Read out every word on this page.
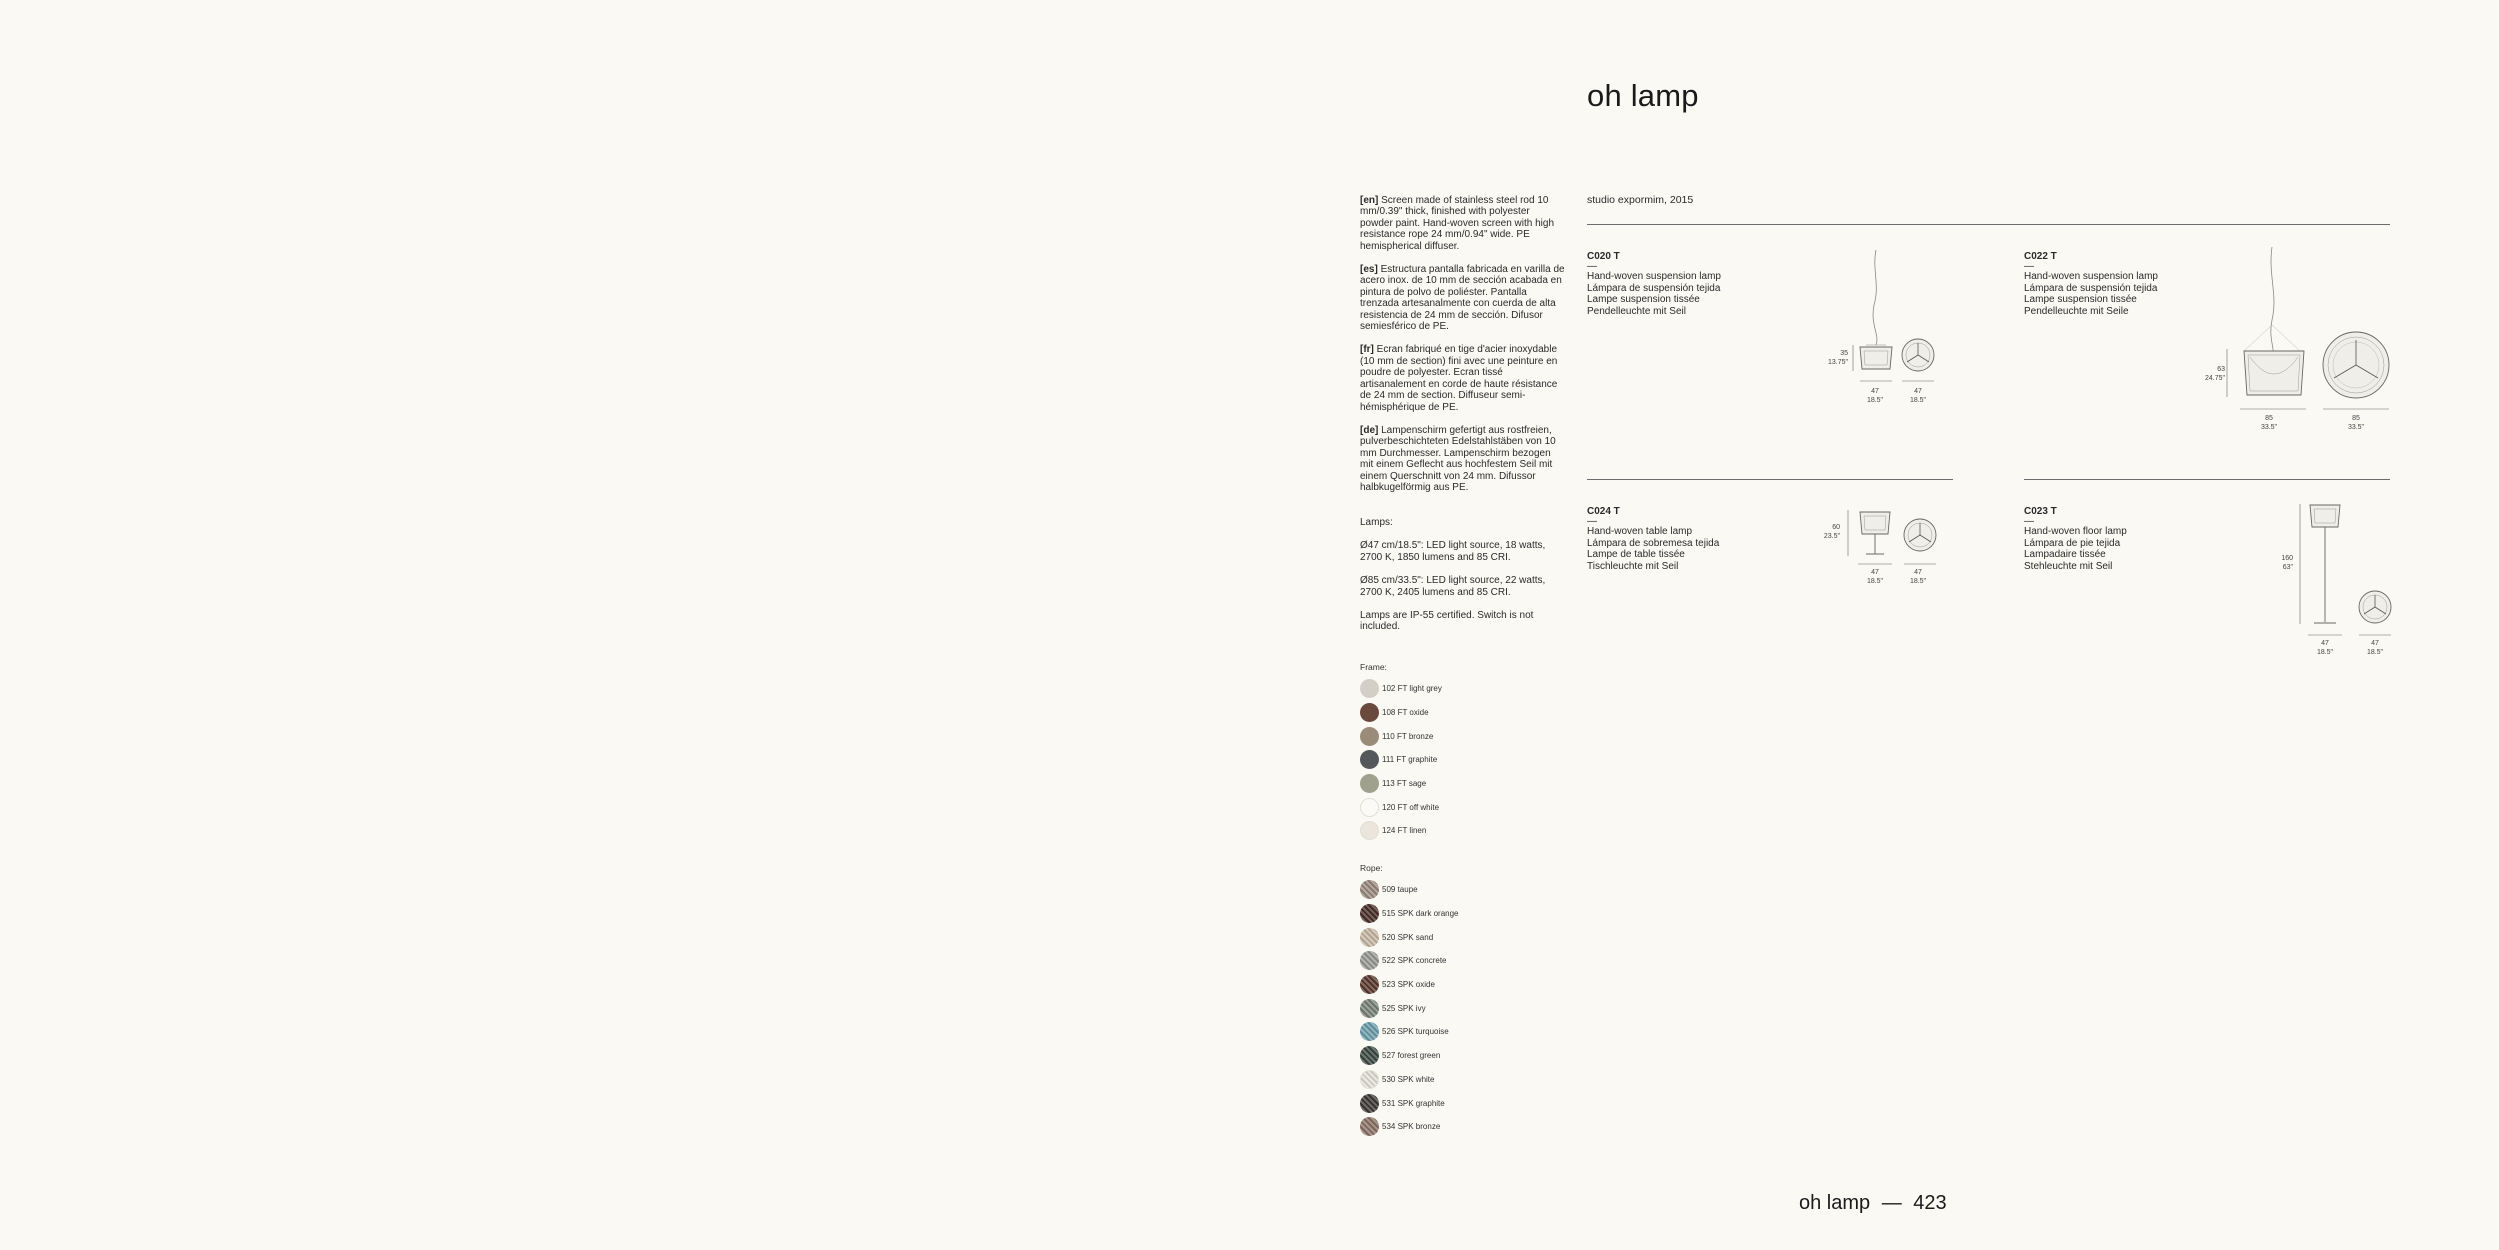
oh lamp

[en] Screen made of stainless steel rod 10 mm/0.39" thick, finished with polyester powder paint. Hand-woven screen with high resistance rope 24 mm/0.94" wide. PE hemispherical diffuser.

[es] Estructura pantalla fabricada en varilla de acero inox. de 10 mm de sección acabada en pintura de polvo de poliéster. Pantalla trenzada artesanalmente con cuerda de alta resistencia de 24 mm de sección. Difusor semiesférico de PE.

[fr] Ecran fabriqué en tige d'acier inoxydable (10 mm de section) fini avec une peinture en poudre de polyester. Ecran tissé artisanalement en corde de haute résistance de 24 mm de section. Diffuseur semi-hémisphérique de PE.

[de] Lampenschirm gefertigt aus rostfreien, pulverbeschichteten Edelstahlstäben von 10 mm Durchmesser. Lampenschirm bezogen mit einem Geflecht aus hochfestem Seil mit einem Querschnitt von 24 mm. Difussor halbkugelförmig aus PE.

Lamps:

Ø47 cm/18.5": LED light source, 18 watts, 2700 K, 1850 lumens and 85 CRI.

Ø85 cm/33.5": LED light source, 22 watts, 2700 K, 2405 lumens and 85 CRI.

Lamps are IP-55 certified. Switch is not included.

Frame:
102 FT light grey
108 FT oxide
110 FT bronze
111 FT graphite
113 FT sage
120 FT off white
124 FT linen
Rope:
509 taupe
515 SPK dark orange
520 SPK sand
522 SPK concrete
523 SPK oxide
525 SPK ivy
526 SPK turquoise
527 forest green
530 SPK white
531 SPK graphite
534 SPK bronze
studio expormim, 2015
C020 T
—
Hand-woven suspension lamp
Lámpara de suspensión tejida
Lampe suspension tissée
Pendelleuchte mit Seil
C022 T
—
Hand-woven suspension lamp
Lámpara de suspensión tejida
Lampe suspension tissée
Pendelleuchte mit Seile
C024 T
—
Hand-woven table lamp
Lámpara de sobremesa tejida
Lampe de table tissée
Tischleuchte mit Seil
C023 T
—
Hand-woven floor lamp
Lámpara de pie tejida
Lampadaire tissée
Stehleuchte mit Seil
35
13.75"
47
18.5"
47
18.5"
63
24.75"
85
33.5"
85
33.5"
60
23.5"
47
18.5"
47
18.5"
160
63"
47
18.5"
47
18.5"
oh lamp — 423
